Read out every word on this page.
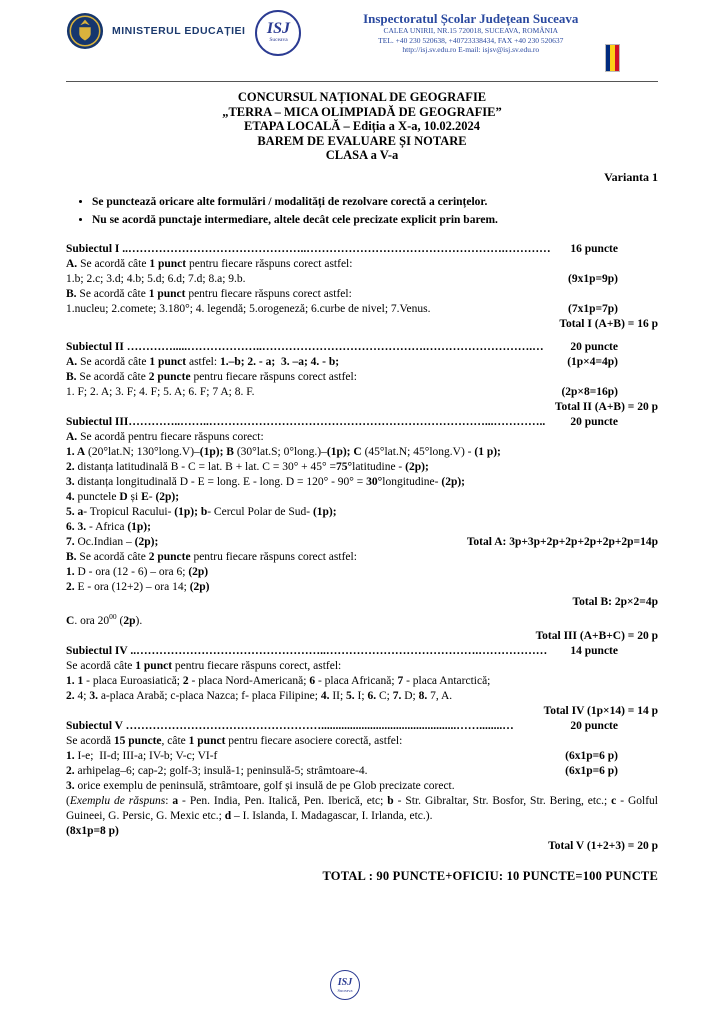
MINISTERUL EDUCAȚIEI ISJ
Suceava
Inspectoratul Școlar Județean Suceava
CALEA UNIRII, NR.15 720018, SUCEAVA, ROMÂNIA
TEL. +40 230 520638, +40723338434, FAX +40 230 520637
http://isj.sv.edu.ro E-mail: isjsv@isj.sv.edu.ro
CONCURSUL NAȚIONAL DE GEOGRAFIE
„TERRA – MICA OLIMPIADĂ DE GEOGRAFIE”
ETAPA LOCALĂ – Ediția a X-a, 10.02.2024
BAREM DE EVALUARE ȘI NOTARE
CLASA a V-a
Varianta 1
• Se punctează oricare alte formulări / modalități de rezolvare corectă a cerințelor.
• Nu se acordă punctaje intermediare, altele decât cele precizate explicit prin barem.
Subiectul I ..………………………………………..…………………………………………….…………	16 puncte
A. Se acordă câte 1 punct pentru fiecare răspuns corect astfel:
1.b; 2.c; 3.d; 4.b; 5.d; 6.d; 7.d; 8.a; 9.b.	(9x1p=9p)
B. Se acordă câte 1 punct pentru fiecare răspuns corect astfel:
1.nucleu; 2.comete; 3.180°; 4. legendă; 5.orogeneză; 6.curbe de nivel; 7.Venus.	(7x1p=7p)
Total I (A+B) = 16 p
Subiectul II ………….....………………..…………………………………….……………………….…	20 puncte
A. Se acordă câte 1 punct astfel: 1.–b; 2. - a;  3. –a; 4. - b;	(1p×4=4p)
B. Se acordă câte 2 puncte pentru fiecare răspuns corect astfel:
1. F; 2. A; 3. F; 4. F; 5. A; 6. F; 7 A; 8. F.	(2p×8=16p)
Total II (A+B) = 20 p
Subiectul III …………..……..………………………………………………………………...…………..	20 puncte
A. Se acordă pentru fiecare răspuns corect:
1. A (20°lat.N; 130°long.V)–(1p); B (30°lat.S; 0°long.)–(1p); C (45°lat.N; 45°long.V) - (1 p);
2. distanța latitudinală B - C = lat. B + lat. C = 30° + 45° =75°latitudine - (2p);
3. distanța longitudinală D - E = long. E - long. D = 120° - 90° = 30°longitudine- (2p);
4. punctele D și E- (2p);
5. a- Tropicul Racului- (1p); b- Cercul Polar de Sud- (1p);
6. 3. - Africa (1p);
7. Oc.Indian – (2p);	Total A: 3p+3p+2p+2p+2p+2p+2p=14p
B. Se acordă câte 2 puncte pentru fiecare răspuns corect astfel:
1. D - ora (12 - 6) – ora 6; (2p)
2. E - ora (12+2) – ora 14; (2p)
Total B: 2p×2=4p
C. ora $20^{00}$ (2p).
Total III (A+B+C) = 20 p
Subiectul IV .. …………………………………………..………………………………….………………	14 puncte
Se acordă câte 1 punct pentru fiecare răspuns corect, astfel:
1. 1 - placa Euroasiatică; 2 - placa Nord-Americană; 6 - placa Africană; 7 - placa Antarctică;
2. 4; 3. a-placa Arabă; c-placa Nazca; f- placa Filipine; 4. II; 5. I; 6. C; 7. D; 8. 7, A.
Total IV (1p×14) = 14 p
Subiectul V ……………………………………………...............................................……........…	20 puncte
Se acordă 15 puncte, câte 1 punct pentru fiecare asociere corectă, astfel:
1. I-e;  II-d; III-a; IV-b; V-c; VI-f	(6x1p=6 p)
2. arhipelag–6; cap-2; golf-3; insulă-1; peninsulă-5; strâmtoare-4.	(6x1p=6 p)
3. orice exemplu de peninsulă, strâmtoare, golf și insulă de pe Glob precizate corect.
(Exemplu de răspuns: a - Pen. India, Pen. Italică, Pen. Iberică, etc; b - Str. Gibraltar, Str. Bosfor, Str. Bering, etc.; c - Golful Guineei, G. Persic, G. Mexic etc.; d – I. Islanda, I. Madagascar, I. Irlanda, etc.).
(8x1p=8 p)
Total V (1+2+3) = 20 p
TOTAL : 90 PUNCTE+OFICIU: 10 PUNCTE=100 PUNCTE
ISJ
Suceava
